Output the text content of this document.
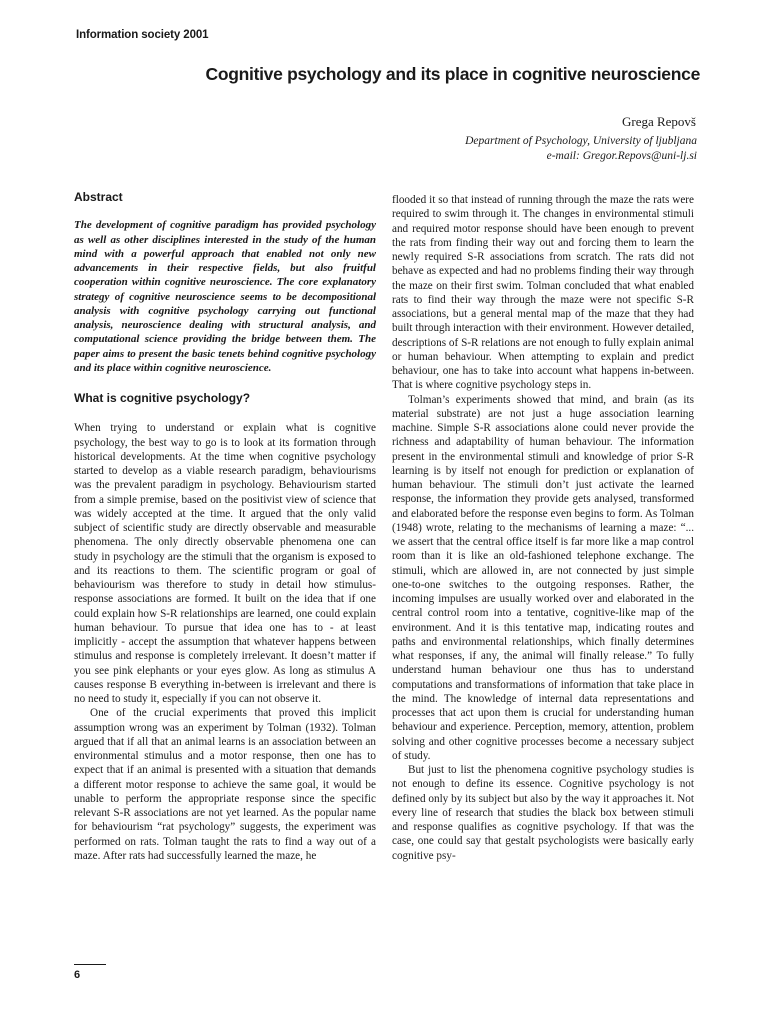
Information society 2001
Cognitive psychology and its place in cognitive neuroscience
Grega Repovš
Department of Psychology, University of ljubljana
e-mail: Gregor.Repovs@uni-lj.si

Abstract

The development of cognitive paradigm has provided psychology as well as other disciplines interested in the study of the human mind with a powerful approach that enabled not only new advancements in their respective fields, but also fruitful cooperation within cognitive neuroscience. The core explanatory strategy of cognitive neuroscience seems to be decompositional analysis with cognitive psychology carrying out functional analysis, neuroscience dealing with structural analysis, and computational science providing the bridge between them. The paper aims to present the basic tenets behind cognitive psychology and its place within cognitive neuroscience.

What is cognitive psychology?

When trying to understand or explain what is cognitive psychology, the best way to go is to look at its formation through historical developments. At the time when cognitive psychology started to develop as a viable research paradigm, behaviourisms was the prevalent paradigm in psychology. Behaviourism started from a simple premise, based on the positivist view of science that was widely accepted at the time. It argued that the only valid subject of scientific study are directly observable and measurable phenomena. The only directly observable phenomena one can study in psychology are the stimuli that the organism is exposed to and its reactions to them. The scientific program or goal of behaviourism was therefore to study in detail how stimulus-response associations are formed. It built on the idea that if one could explain how S-R relationships are learned, one could explain human behaviour. To pursue that idea one has to - at least implicitly - accept the assumption that whatever happens between stimulus and response is completely irrelevant. It doesn’t matter if you see pink elephants or your eyes glow. As long as stimulus A causes response B everything in-between is irrelevant and there is no need to study it, especially if you can not observe it.

One of the crucial experiments that proved this implicit assumption wrong was an experiment by Tolman (1932). Tolman argued that if all that an animal learns is an association between an environmental stimulus and a motor response, then one has to expect that if an animal is presented with a situation that demands a different motor response to achieve the same goal, it would be unable to perform the appropriate response since the specific relevant S-R associations are not yet learned. As the popular name for behaviourism “rat psychology” suggests, the experiment was performed on rats. Tolman taught the rats to find a way out of a maze. After rats had successfully learned the maze, he

flooded it so that instead of running through the maze the rats were required to swim through it. The changes in environmental stimuli and required motor response should have been enough to prevent the rats from finding their way out and forcing them to learn the newly required S-R associations from scratch. The rats did not behave as expected and had no problems finding their way through the maze on their first swim. Tolman concluded that what enabled rats to find their way through the maze were not specific S-R associations, but a general mental map of the maze that they had built through interaction with their environment. However detailed, descriptions of S-R relations are not enough to fully explain animal or human behaviour. When attempting to explain and predict behaviour, one has to take into account what happens in-between. That is where cognitive psychology steps in.

Tolman’s experiments showed that mind, and brain (as its material substrate) are not just a huge association learning machine. Simple S-R associations alone could never provide the richness and adaptability of human behaviour. The information present in the environmental stimuli and knowledge of prior S-R learning is by itself not enough for prediction or explanation of human behaviour. The stimuli don’t just activate the learned response, the information they provide gets analysed, transformed and elaborated before the response even begins to form. As Tolman (1948) wrote, relating to the mechanisms of learning a maze: “... we assert that the central office itself is far more like a map control room than it is like an old-fashioned telephone exchange. The stimuli, which are allowed in, are not connected by just simple one-to-one switches to the outgoing responses. Rather, the incoming impulses are usually worked over and elaborated in the central control room into a tentative, cognitive-like map of the environment. And it is this tentative map, indicating routes and paths and environmental relationships, which finally determines what responses, if any, the animal will finally release.” To fully understand human behaviour one thus has to understand computations and transformations of information that take place in the mind. The knowledge of internal data representations and processes that act upon them is crucial for understanding human behaviour and experience. Perception, memory, attention, problem solving and other cognitive processes become a necessary subject of study.

But just to list the phenomena cognitive psychology studies is not enough to define its essence. Cognitive psychology is not defined only by its subject but also by the way it approaches it. Not every line of research that studies the black box between stimuli and response qualifies as cognitive psychology. If that was the case, one could say that gestalt psychologists were basically early cognitive psy-

6
